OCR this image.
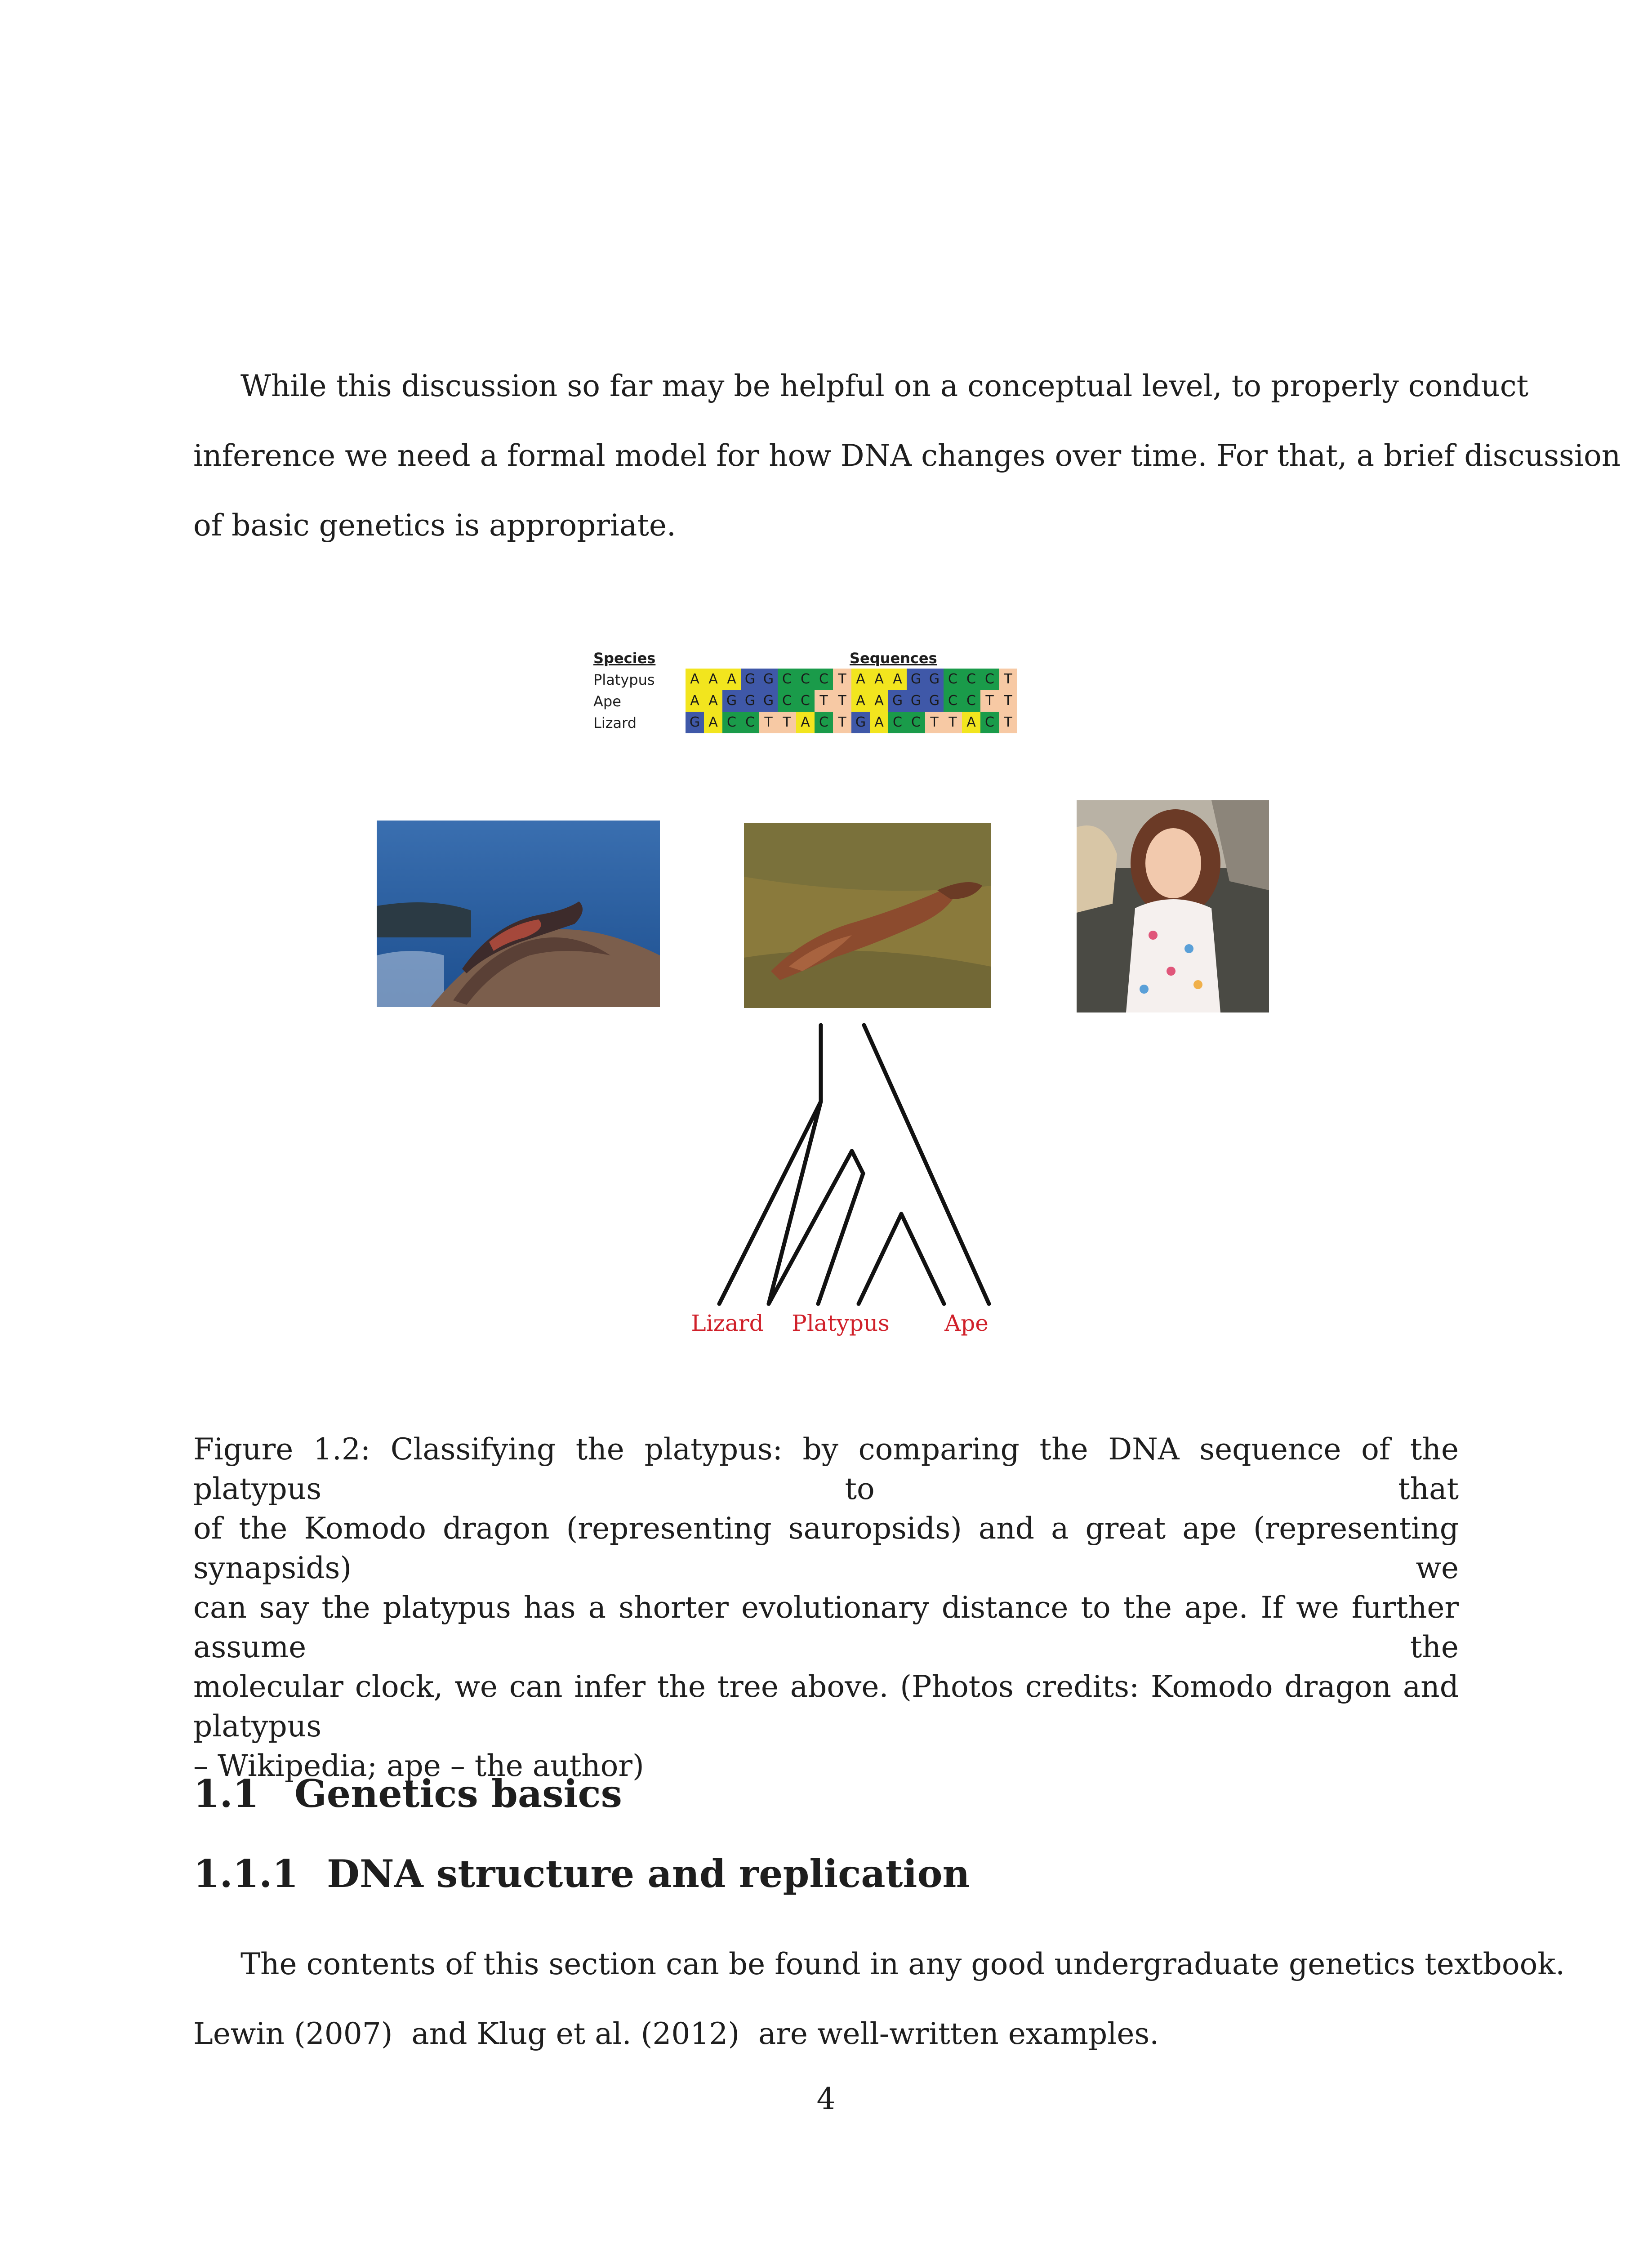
While this discussion so far may be helpful on a conceptual level, to properly conduct
inference we need a formal model for how DNA changes over time. For that, a brief discussion
of basic genetics is appropriate.
Species	Sequences
Platypus
Ape
Lizard
A A A G G C C C T A A A G G C C C T
A A G G G C C T T A A G G G C C T T
G A C C T T A C T G A C C T T A C T
Lizard Platypus Ape
Figure 1.2: Classifying the platypus: by comparing the DNA sequence of the platypus to that
of the Komodo dragon (representing sauropsids) and a great ape (representing synapsids) we
can say the platypus has a shorter evolutionary distance to the ape. If we further assume the
molecular clock, we can infer the tree above. (Photos credits: Komodo dragon and platypus
– Wikipedia; ape – the author)
1.1 Genetics basics
1.1.1 DNA structure and replication
The contents of this section can be found in any good undergraduate genetics textbook.
Lewin (2007)  and Klug et al. (2012)  are well-written examples.
4
